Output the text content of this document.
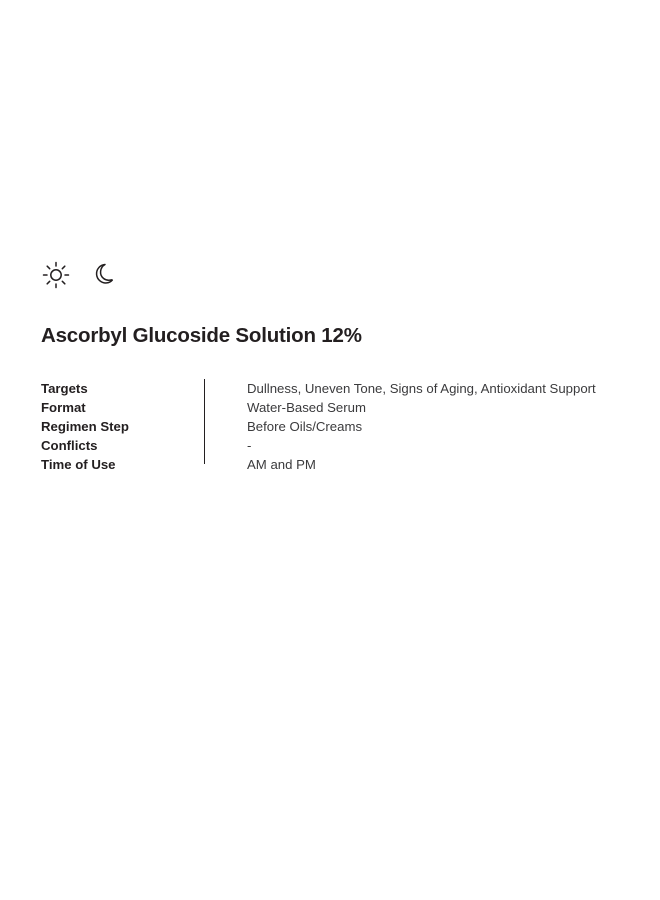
Ascorbyl Glucoside Solution 12%
Targets	Dullness, Uneven Tone, Signs of Aging, Antioxidant Support
Format	Water-Based Serum
Regimen Step	Before Oils/Creams
Conflicts	-
Time of Use	AM and PM
